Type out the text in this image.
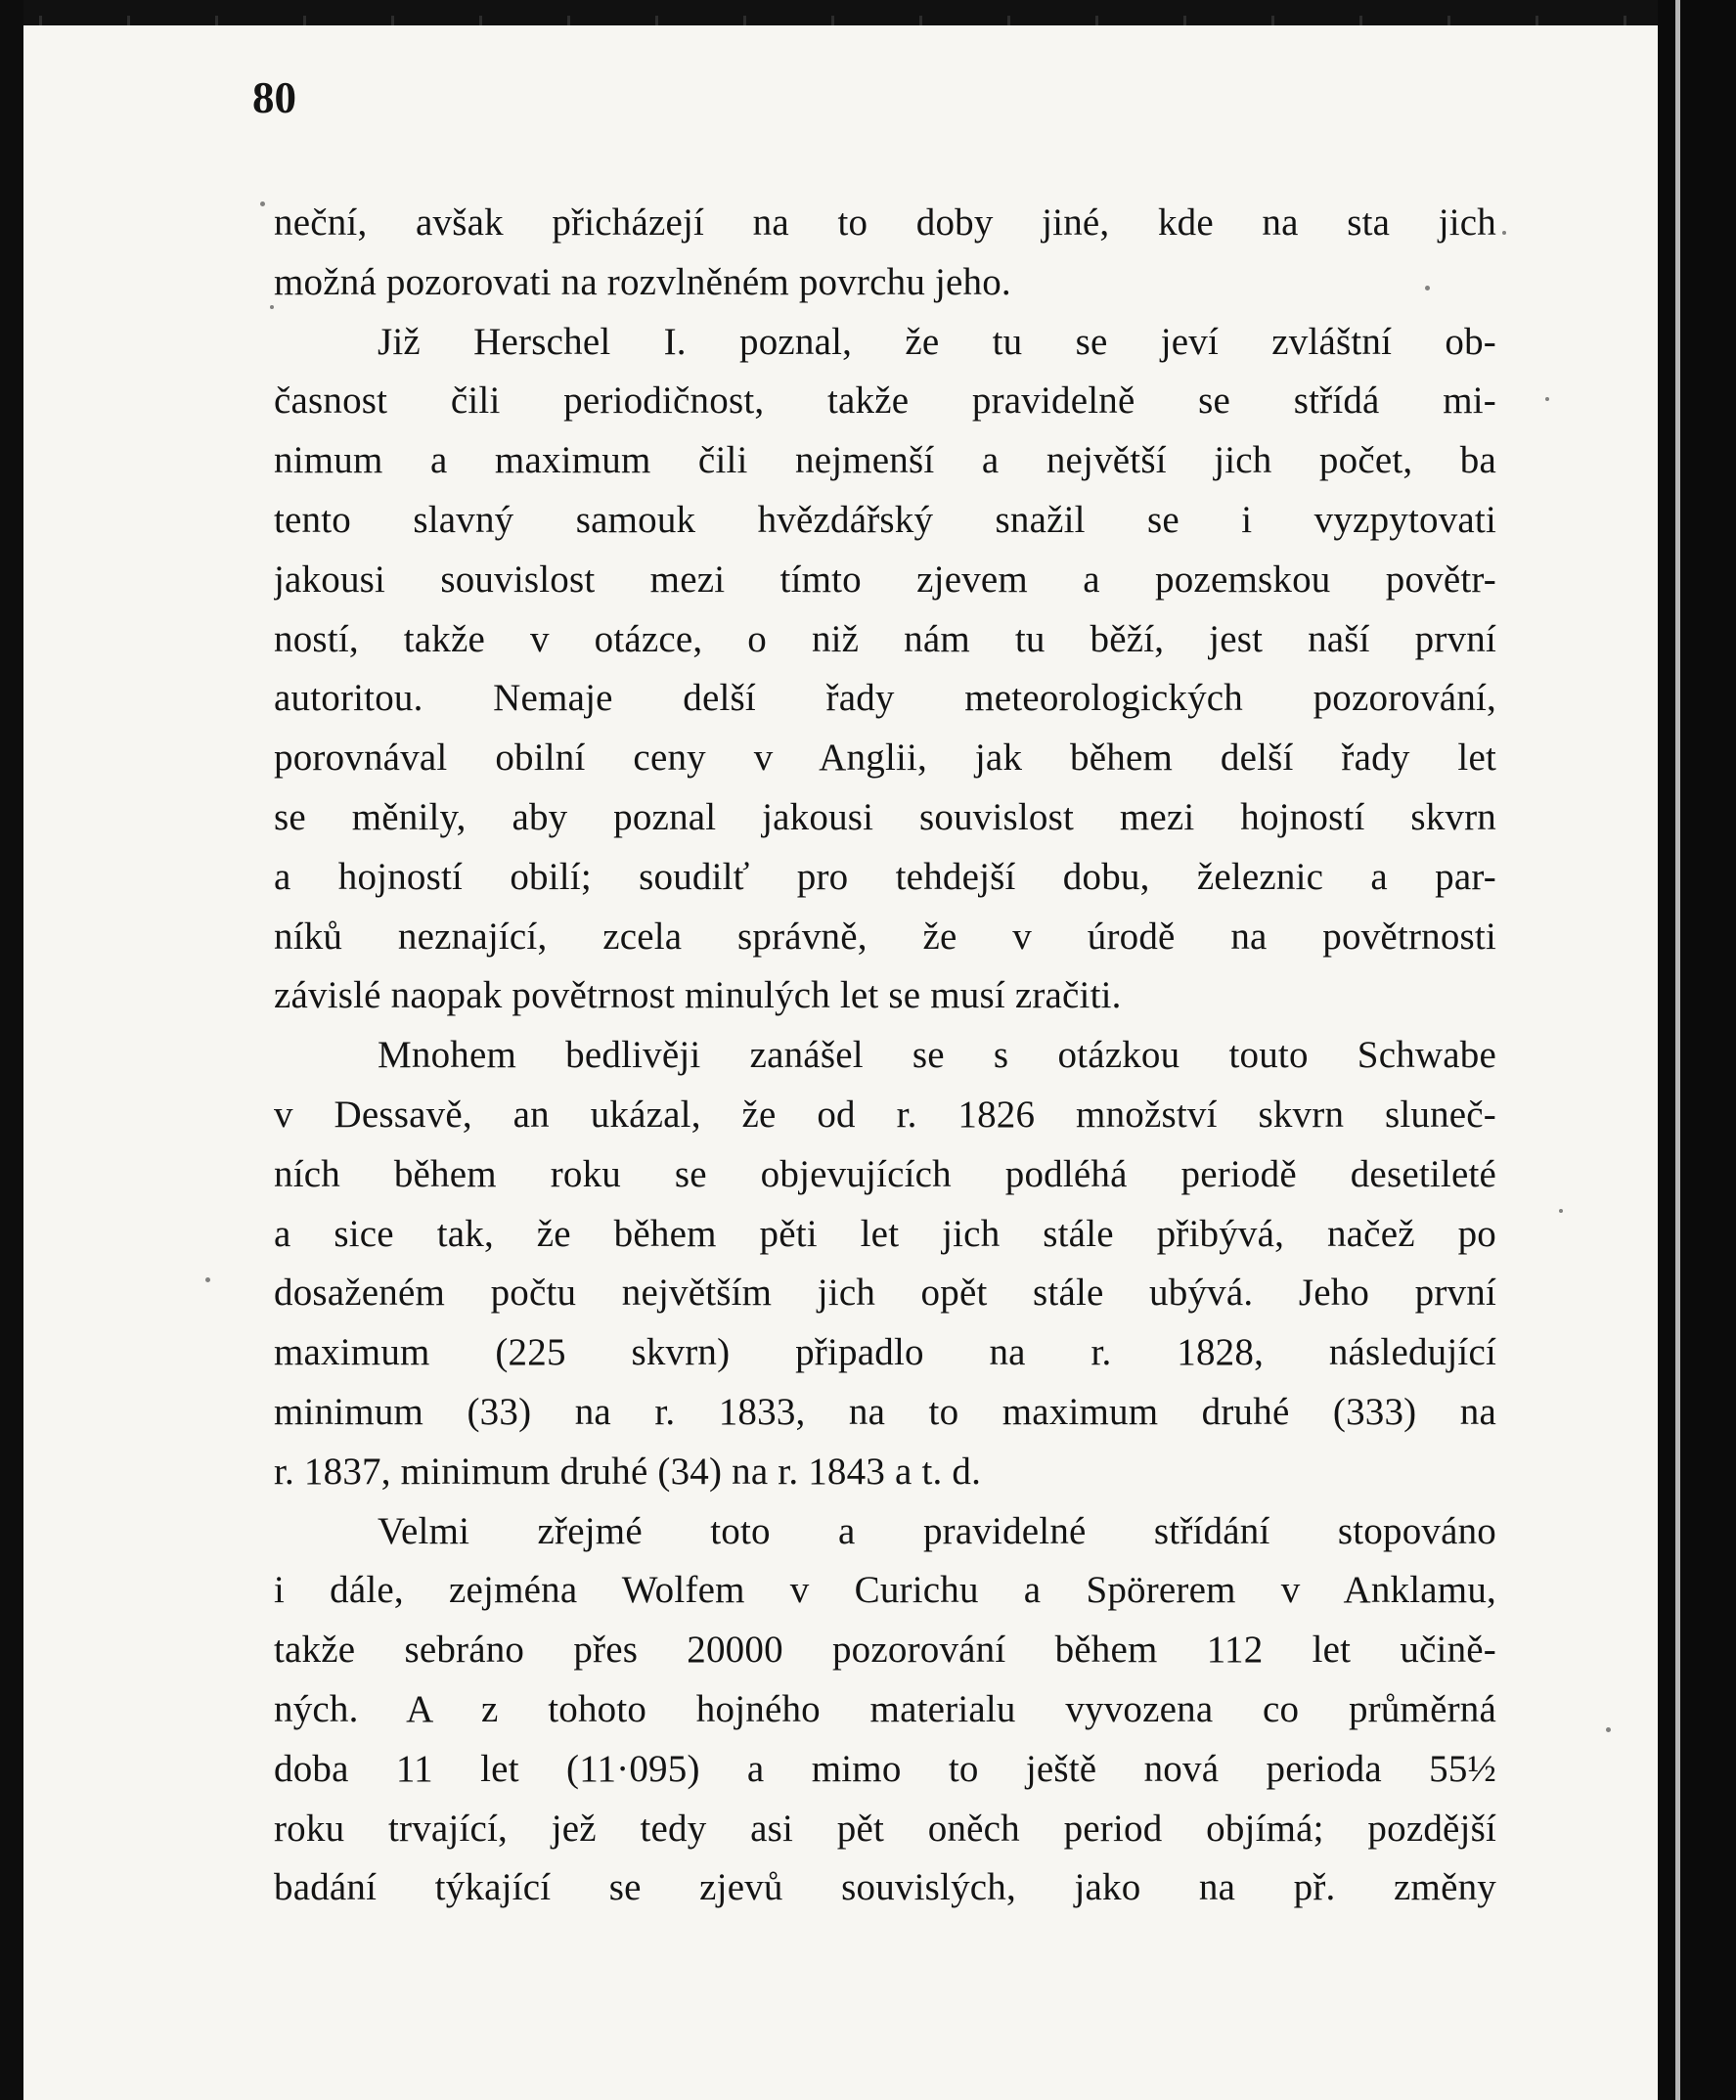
80
neční, avšak přicházejí na to doby jiné, kde na sta jich
možná pozorovati na rozvlněném povrchu jeho.
Již Herschel I. poznal, že tu se jeví zvláštní ob-
časnost čili periodičnost, takže pravidelně se střídá mi-
nimum a maximum čili nejmenší a největší jich počet, ba
tento slavný samouk hvězdářský snažil se i vyzpytovati
jakousi souvislost mezi tímto zjevem a pozemskou povětr-
ností, takže v otázce, o niž nám tu běží, jest naší první
autoritou. Nemaje delší řady meteorologických pozorování,
porovnával obilní ceny v Anglii, jak během delší řady let
se měnily, aby poznal jakousi souvislost mezi hojností skvrn
a hojností obilí; soudilť pro tehdejší dobu, železnic a par-
níků neznající, zcela správně, že v úrodě na povětrnosti
závislé naopak povětrnost minulých let se musí zračiti.
Mnohem bedlivěji zanášel se s otázkou touto Schwabe
v Dessavě, an ukázal, že od r. 1826 množství skvrn slunеč-
ních během roku se objevujících podléhá periodě desetileté
a sice tak, že během pěti let jich stále přibývá, načež po
dosaženém počtu největším jich opět stále ubývá. Jeho první
maximum (225 skvrn) připadlo na r. 1828, následující
minimum (33) na r. 1833, na to maximum druhé (333) na
r. 1837, minimum druhé (34) na r. 1843 a t. d.
Velmi zřejmé toto a pravidelné střídání stopováno
i dále, zejména Wolfem v Curichu a Spörerem v Anklamu,
takže sebráno přes 20000 pozorování během 112 let učině-
ných. A z tohoto hojného materialu vyvozena co průměrná
doba 11 let (11·095) a mimo to ještě nová perioda 55½
roku trvající, jež tedy asi pět oněch period objímá; pozdější
badání týkající se zjevů souvislých, jako na př. změny
